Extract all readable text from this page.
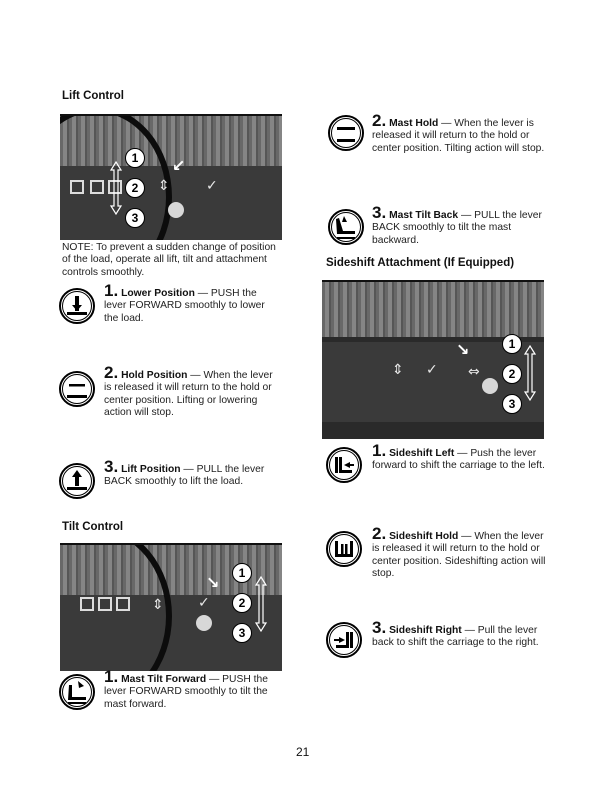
Lift Control
⇕	✓
↙
1
2
3
NOTE: To prevent a sudden change of position of the load, operate all lift, tilt and attachment controls smoothly.
1. Lower Position — PUSH the lever FORWARD smoothly to lower the load.
2. Hold Position — When the lever is released it will return to the hold or center position. Lifting or lowering action will stop.
3. Lift Position — PULL the lever BACK smoothly to lift the load.
Tilt Control
⇕ ✓
↘	1
2
3
1. Mast Tilt Forward — PUSH the lever FORWARD smoothly to tilt the mast forward.
2. Mast Hold — When the lever is released it will return to the hold or center position. Tilting action will stop.
3. Mast Tilt Back — PULL the lever BACK smoothly to tilt the mast backward.
Sideshift Attachment (If Equipped)
⇕ ✓ ⇔
↘	1
2
3
1. Sideshift Left — Push the lever forward to shift the carriage to the left.
2. Sideshift Hold — When the lever is released it will return to the hold or center position. Sideshifting action will stop.
3. Sideshift Right — Pull the lever back to shift the carriage to the right.
21
